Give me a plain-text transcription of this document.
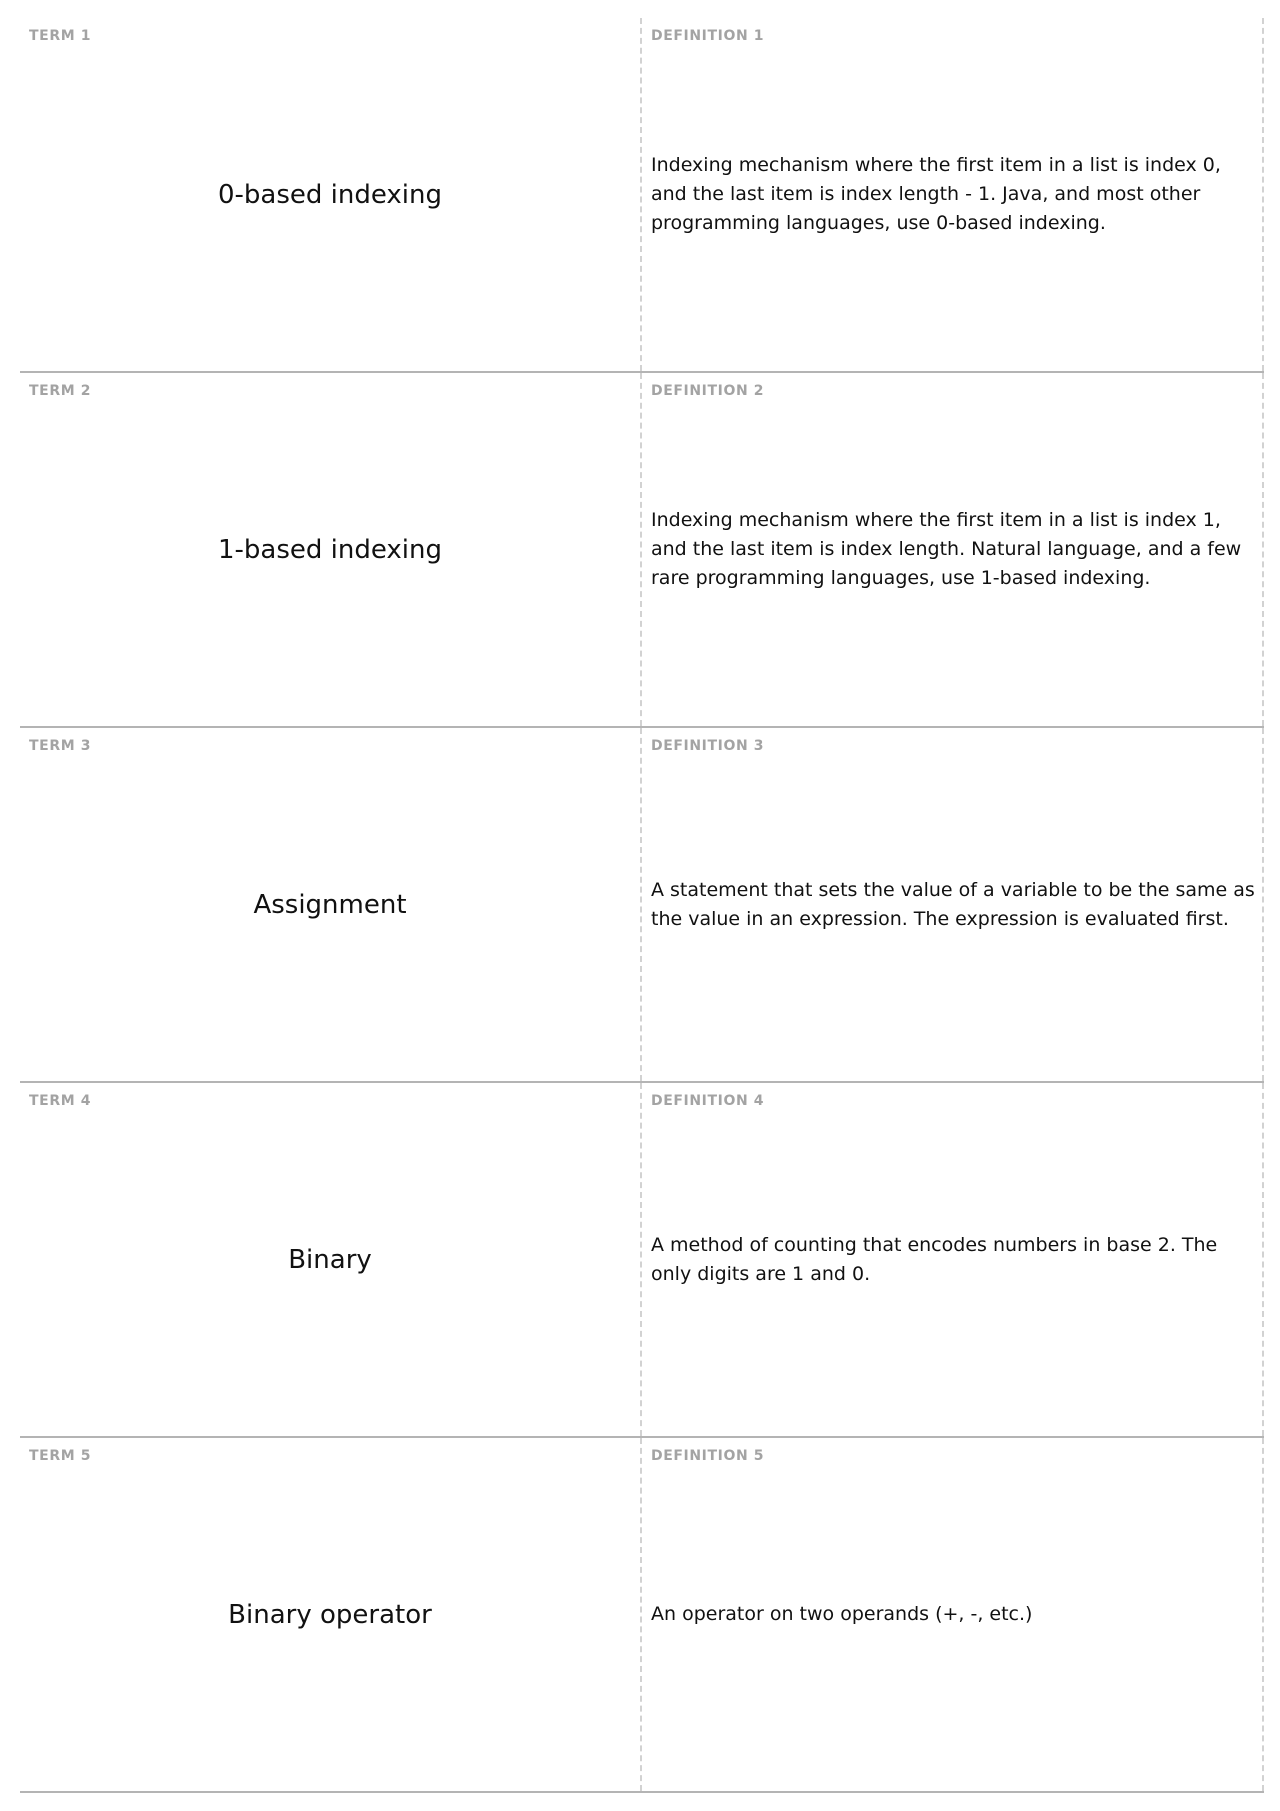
TERM 1
0-based indexing
DEFINITION 1
Indexing mechanism where the first item in a list is index 0, and the last item is index length - 1. Java, and most other programming languages, use 0-based indexing.
TERM 2
1-based indexing
DEFINITION 2
Indexing mechanism where the first item in a list is index 1, and the last item is index length. Natural language, and a few rare programming languages, use 1-based indexing.
TERM 3
Assignment
DEFINITION 3
A statement that sets the value of a variable to be the same as the value in an expression. The expression is evaluated first.
TERM 4
Binary
DEFINITION 4
A method of counting that encodes numbers in base 2. The only digits are 1 and 0.
TERM 5
Binary operator
DEFINITION 5
An operator on two operands (+, -, etc.)
